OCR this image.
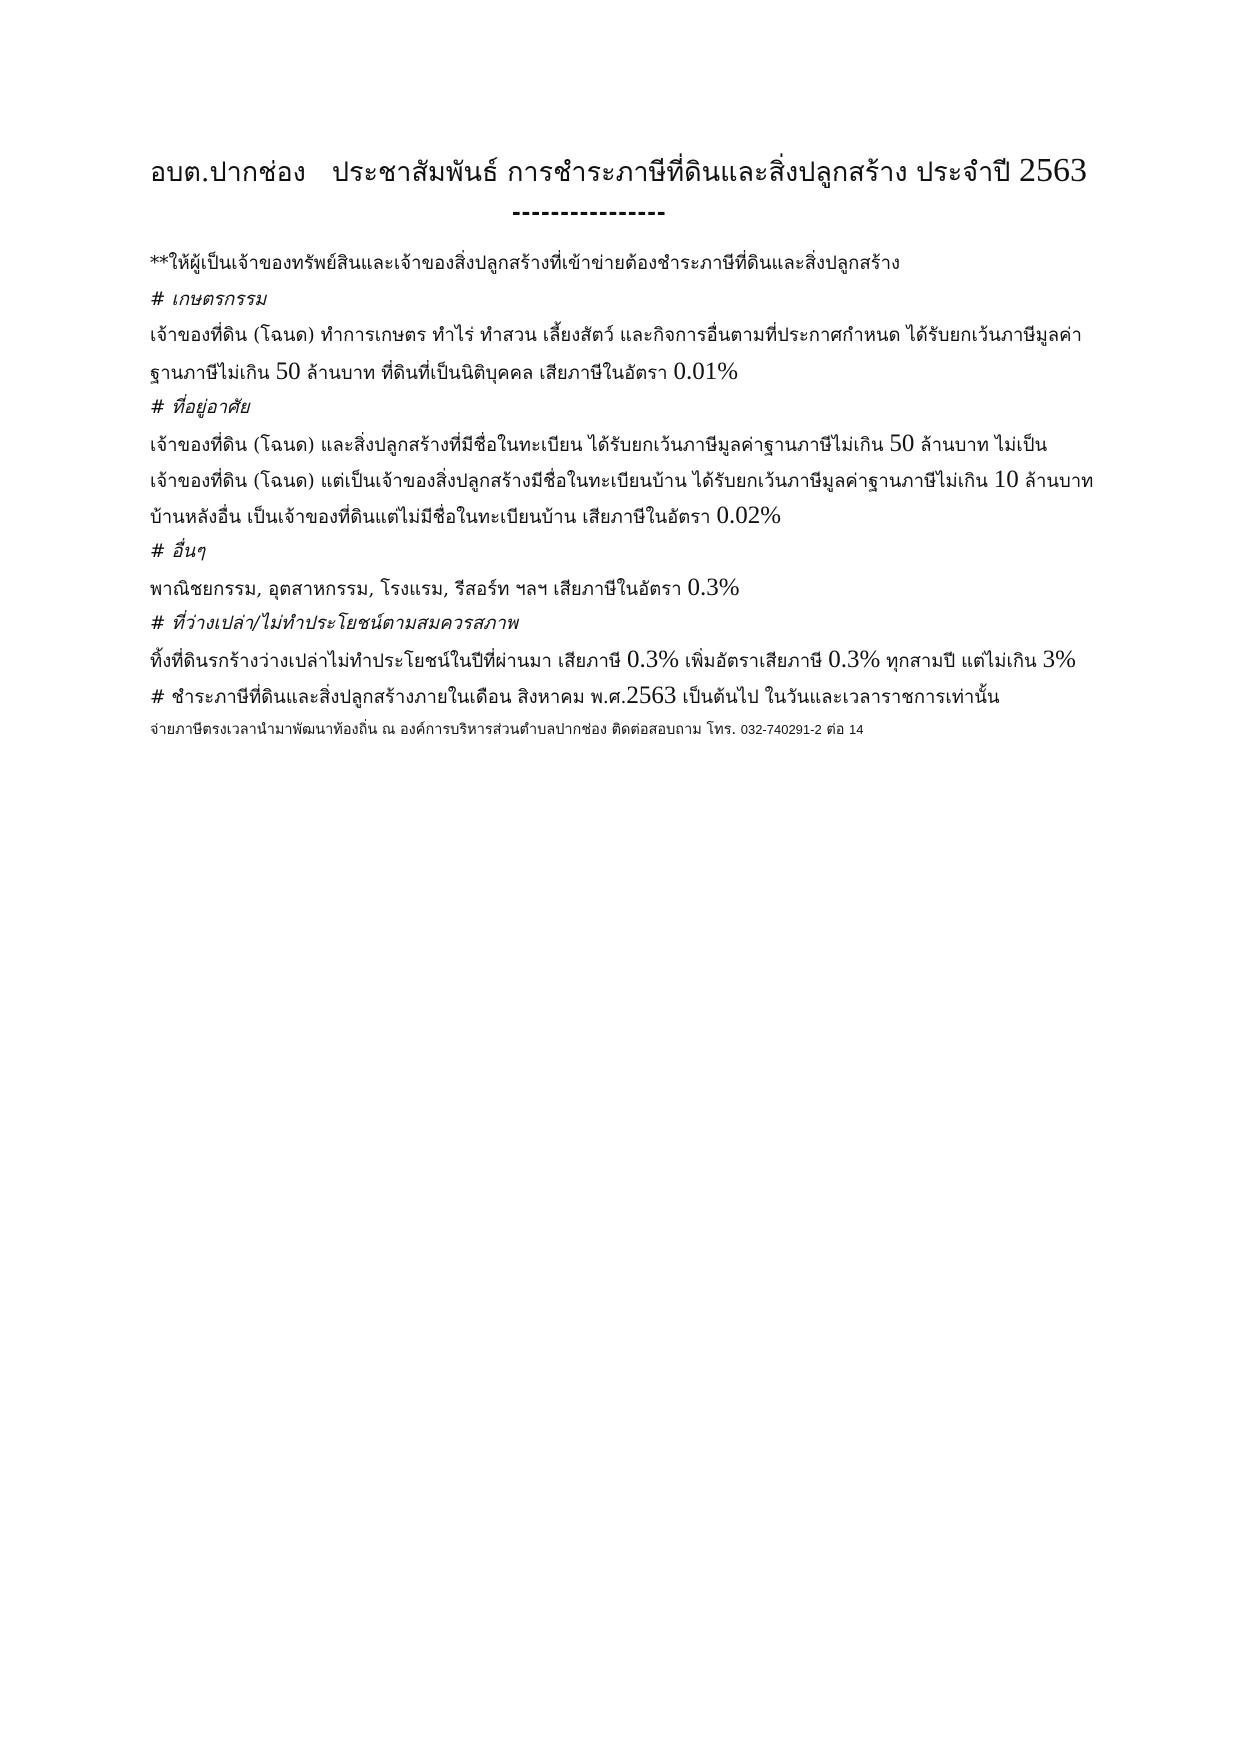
อบต.ปากช่อง ประชาสัมพันธ์ การชำระภาษีที่ดินและสิ่งปลูกสร้าง ประจำปี 2563
----------------
**ให้ผู้เป็นเจ้าของทรัพย์สินและเจ้าของสิ่งปลูกสร้างที่เข้าข่ายต้องชำระภาษีที่ดินและสิ่งปลูกสร้าง
# เกษตรกรรม
เจ้าของที่ดิน (โฉนด) ทำการเกษตร ทำไร่ ทำสวน เลี้ยงสัตว์ และกิจการอื่นตามที่ประกาศกำหนด ได้รับยกเว้นภาษีมูลค่า
ฐานภาษีไม่เกิน 50 ล้านบาท ที่ดินที่เป็นนิติบุคคล เสียภาษีในอัตรา 0.01%
# ที่อยู่อาศัย
เจ้าของที่ดิน (โฉนด) และสิ่งปลูกสร้างที่มีชื่อในทะเบียน ได้รับยกเว้นภาษีมูลค่าฐานภาษีไม่เกิน 50 ล้านบาท ไม่เป็น
เจ้าของที่ดิน (โฉนด) แต่เป็นเจ้าของสิ่งปลูกสร้างมีชื่อในทะเบียนบ้าน ได้รับยกเว้นภาษีมูลค่าฐานภาษีไม่เกิน 10 ล้านบาท
บ้านหลังอื่น เป็นเจ้าของที่ดินแต่ไม่มีชื่อในทะเบียนบ้าน เสียภาษีในอัตรา 0.02%
# อื่นๆ
พาณิชยกรรม, อุตสาหกรรม, โรงแรม, รีสอร์ท ฯลฯ เสียภาษีในอัตรา 0.3%
# ที่ว่างเปล่า/ไม่ทำประโยชน์ตามสมควรสภาพ
ทิ้งที่ดินรกร้างว่างเปล่าไม่ทำประโยชน์ในปีที่ผ่านมา เสียภาษี 0.3% เพิ่มอัตราเสียภาษี 0.3% ทุกสามปี แต่ไม่เกิน 3%
# ชำระภาษีที่ดินและสิ่งปลูกสร้างภายในเดือน สิงหาคม พ.ศ.2563 เป็นต้นไป ในวันและเวลาราชการเท่านั้น
จ่ายภาษีตรงเวลานำมาพัฒนาท้องถิ่น ณ องค์การบริหารส่วนตำบลปากช่อง ติดต่อสอบถาม โทร. 032-740291-2 ต่อ 14
